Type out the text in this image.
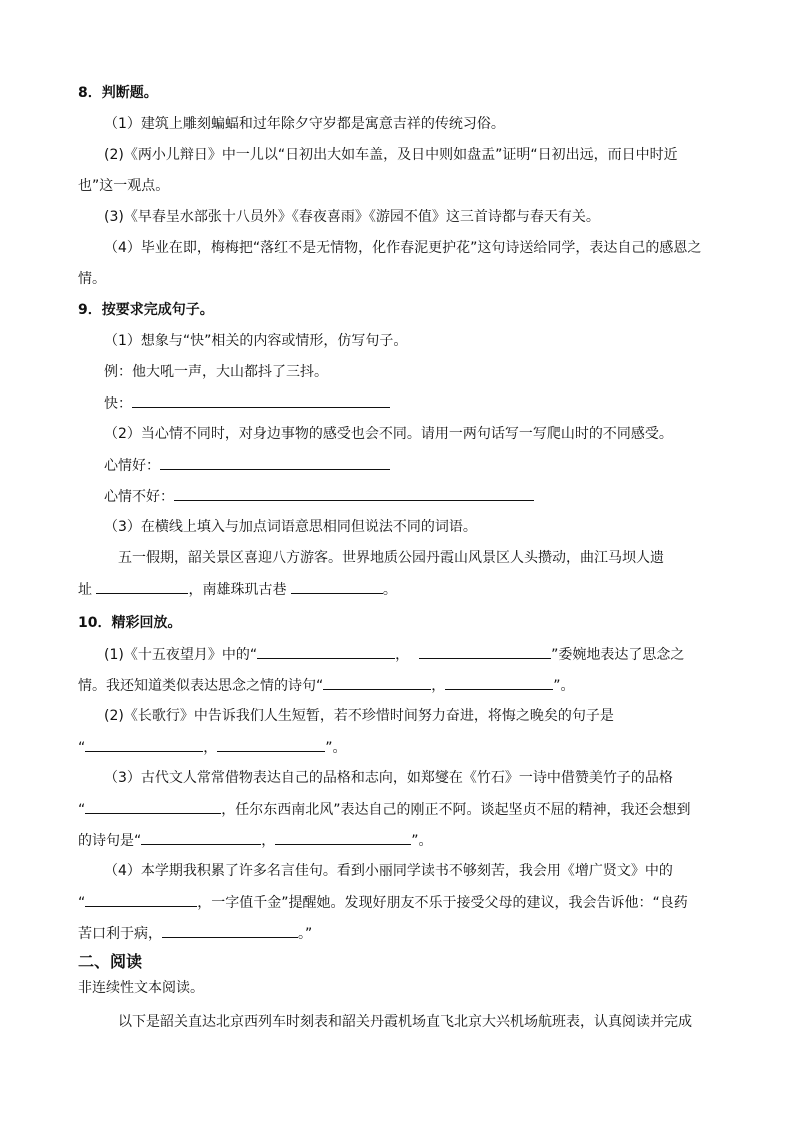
8．判断题。
（1）建筑上雕刻蝙蝠和过年除夕守岁都是寓意吉祥的传统习俗。
(2)《两小儿辩日》中一儿以“日初出大如车盖，及日中则如盘盂”证明“日初出远，而日中时近
也”这一观点。
(3)《早春呈水部张十八员外》《春夜喜雨》《游园不值》这三首诗都与春天有关。
（4）毕业在即，梅梅把“落红不是无情物，化作春泥更护花”这句诗送给同学，表达自己的感恩之
情。
9．按要求完成句子。
（1）想象与“快”相关的内容或情形，仿写句子。
例：他大吼一声，大山都抖了三抖。
快：
（2）当心情不同时，对身边事物的感受也会不同。请用一两句话写一写爬山时的不同感受。
心情好：
心情不好：
（3）在横线上填入与加点词语意思相同但说法不同的词语。
五一假期，韶关景区喜迎八方游客。世界地质公园丹霞山风景区人头攒动，曲江马坝人遗
址	，南雄珠玑古巷	。
10．精彩回放。
(1)《十五夜望月》中的“	，	”委婉地表达了思念之
情。我还知道类似表达思念之情的诗句“	，	”。
(2)《长歌行》中告诉我们人生短暂，若不珍惜时间努力奋进，将悔之晚矣的句子是
“	，	”。
（3）古代文人常常借物表达自己的品格和志向，如郑燮在《竹石》一诗中借赞美竹子的品格
“	，任尔东西南北风”表达自己的刚正不阿。谈起坚贞不屈的精神，我还会想到
的诗句是“	，	”。
（4）本学期我积累了许多名言佳句。看到小丽同学读书不够刻苦，我会用《增广贤文》中的
“	，一字值千金”提醒她。发现好朋友不乐于接受父母的建议，我会告诉他：“良药
苦口利于病，	。”
二、阅读
非连续性文本阅读。
以下是韶关直达北京西列车时刻表和韶关丹霞机场直飞北京大兴机场航班表，认真阅读并完成
